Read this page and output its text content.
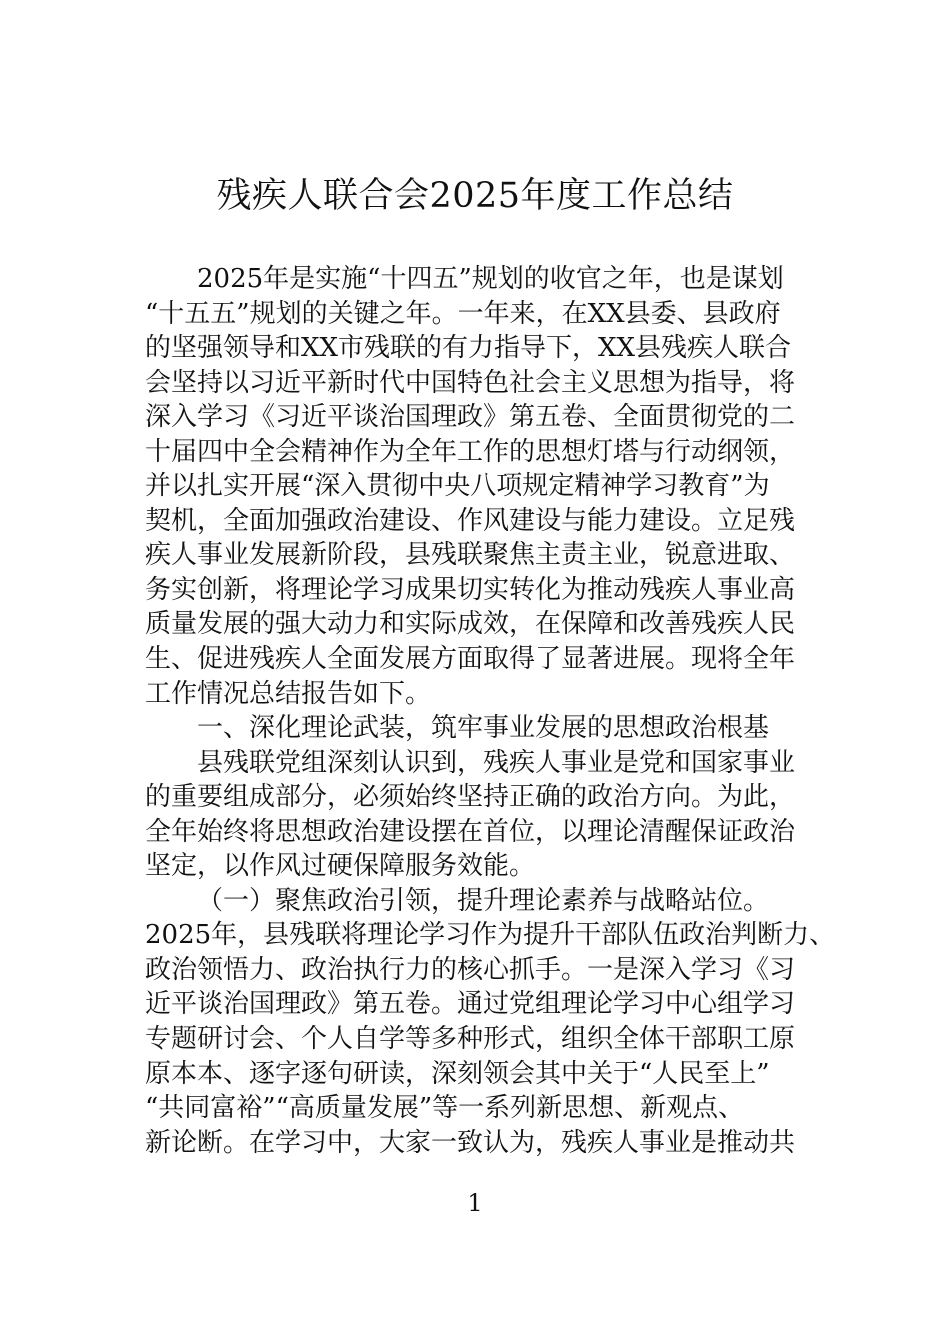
残疾人联合会2025年度工作总结
2025年是实施“十四五”规划的收官之年，也是谋划
“十五五”规划的关键之年。一年来，在XX县委、县政府
的坚强领导和XX市残联的有力指导下，XX县残疾人联合
会坚持以习近平新时代中国特色社会主义思想为指导，将
深入学习《习近平谈治国理政》第五卷、全面贯彻党的二
十届四中全会精神作为全年工作的思想灯塔与行动纲领，
并以扎实开展“深入贯彻中央八项规定精神学习教育”为
契机，全面加强政治建设、作风建设与能力建设。立足残
疾人事业发展新阶段，县残联聚焦主责主业，锐意进取、
务实创新，将理论学习成果切实转化为推动残疾人事业高
质量发展的强大动力和实际成效，在保障和改善残疾人民
生、促进残疾人全面发展方面取得了显著进展。现将全年
工作情况总结报告如下。
一、深化理论武装，筑牢事业发展的思想政治根基
县残联党组深刻认识到，残疾人事业是党和国家事业
的重要组成部分，必须始终坚持正确的政治方向。为此，
全年始终将思想政治建设摆在首位，以理论清醒保证政治
坚定，以作风过硬保障服务效能。
（一）聚焦政治引领，提升理论素养与战略站位。
2025年，县残联将理论学习作为提升干部队伍政治判断力、
政治领悟力、政治执行力的核心抓手。一是深入学习《习
近平谈治国理政》第五卷。通过党组理论学习中心组学习
专题研讨会、个人自学等多种形式，组织全体干部职工原
原本本、逐字逐句研读，深刻领会其中关于“人民至上”
“共同富裕”“高质量发展”等一系列新思想、新观点、
新论断。在学习中，大家一致认为，残疾人事业是推动共
1
